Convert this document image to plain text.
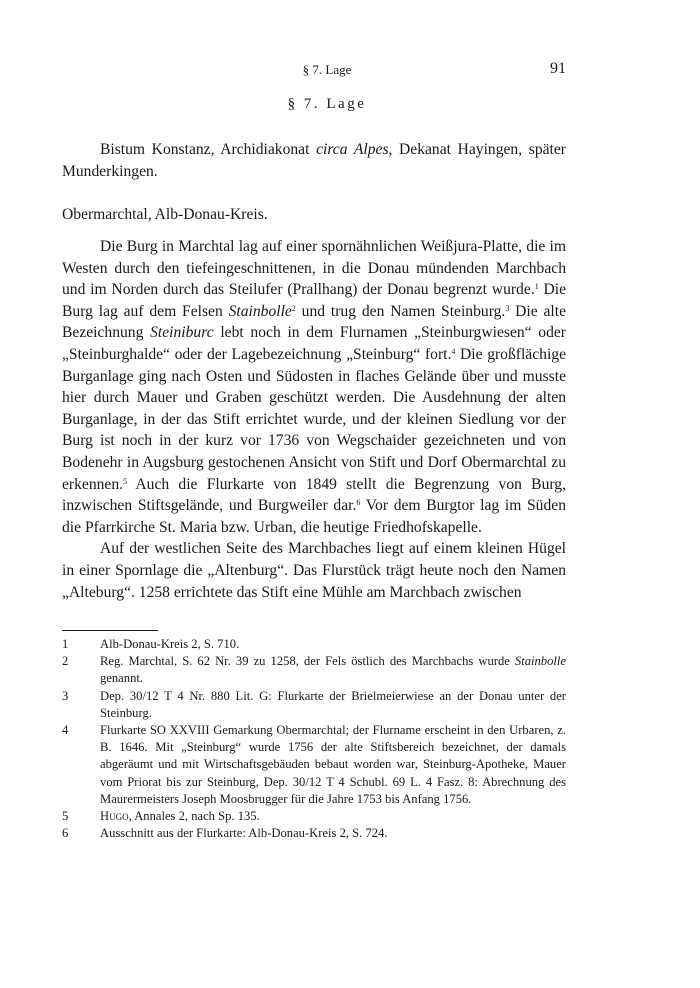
§ 7. Lage	91
§ 7. Lage

Bistum Konstanz, Archidiakonat circa Alpes, Dekanat Hayingen, später Munderkingen.

Obermarchtal, Alb-Donau-Kreis.

Die Burg in Marchtal lag auf einer spornähnlichen Weißjura-Platte, die im Westen durch den tiefeingeschnittenen, in die Donau mündenden Marchbach und im Norden durch das Steilufer (Prallhang) der Donau begrenzt wurde.$^1$ Die Burg lag auf dem Felsen Stainbolle$^2$ und trug den Namen Steinburg.$^3$ Die alte Bezeichnung Steiniburc lebt noch in dem Flurnamen „Steinburgwiesen“ oder „Steinburghalde“ oder der Lagebezeichnung „Steinburg“ fort.$^4$ Die großflächige Burganlage ging nach Osten und Südosten in flaches Gelände über und musste hier durch Mauer und Graben geschützt werden. Die Ausdehnung der alten Burganlage, in der das Stift errichtet wurde, und der kleinen Siedlung vor der Burg ist noch in der kurz vor 1736 von Wegschaider gezeichneten und von Bodenehr in Augsburg gestochenen Ansicht von Stift und Dorf Obermarchtal zu erkennen.$^5$ Auch die Flurkarte von 1849 stellt die Begrenzung von Burg, inzwischen Stiftsgelände, und Burgweiler dar.$^6$ Vor dem Burgtor lag im Süden die Pfarrkirche St. Maria bzw. Urban, die heutige Friedhofskapelle.

Auf der westlichen Seite des Marchbaches liegt auf einem kleinen Hügel in einer Spornlage die „Altenburg“. Das Flurstück trägt heute noch den Namen „Alteburg“. 1258 errichtete das Stift eine Mühle am Marchbach zwischen

1	Alb-Donau-Kreis 2, S. 710.
2	Reg. Marchtal, S. 62 Nr. 39 zu 1258, der Fels östlich des Marchbachs wurde Stainbolle genannt.
3	Dep. 30/12 T 4 Nr. 880 Lit. G: Flurkarte der Brielmeierwiese an der Donau unter der Steinburg.
4	Flurkarte SO XXVIII Gemarkung Obermarchtal; der Flurname erscheint in den Urbaren, z. B. 1646. Mit „Steinburg“ wurde 1756 der alte Stiftsbereich bezeichnet, der damals abgeräumt und mit Wirtschaftsgebäuden bebaut worden war, Steinburg-Apotheke, Mauer vom Priorat bis zur Steinburg, Dep. 30/12 T 4 Schubl. 69 L. 4 Fasz. 8: Abrechnung des Maurermeisters Joseph Moosbrugger für die Jahre 1753 bis Anfang 1756.
5	Hugo, Annales 2, nach Sp. 135.
6	Ausschnitt aus der Flurkarte: Alb-Donau-Kreis 2, S. 724.
